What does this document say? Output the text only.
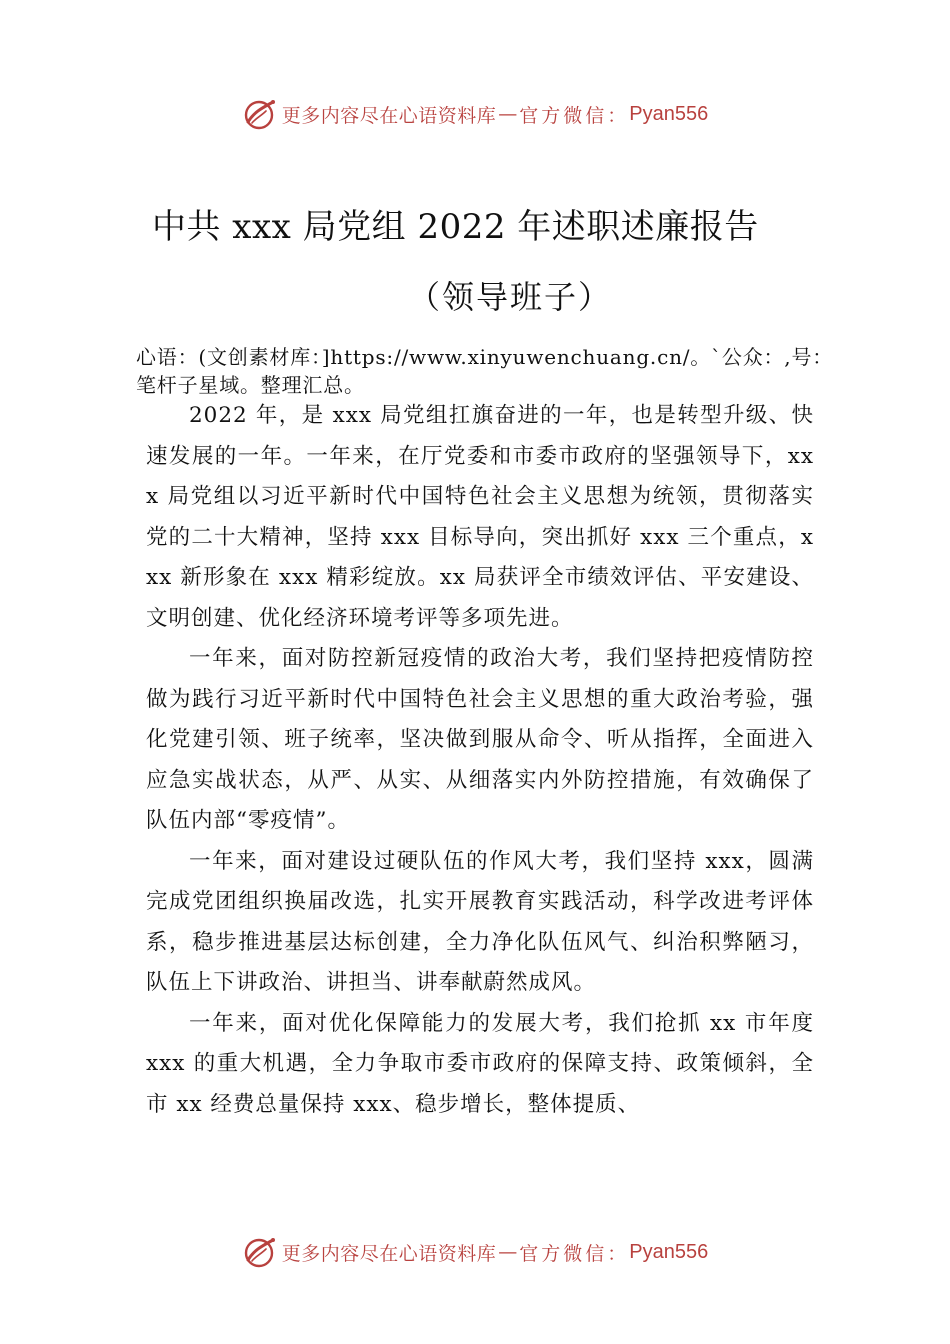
更多内容尽在心语资料库 — 官方微信： Pyan556
中共 xxx 局党组 2022 年述职述廉报告
（领导班子）
心语：(文创素材库：]https://www.xinyuwenchuang.cn/。`公众：,号：笔杆子星域。整理汇总。

2022 年，是 xxx 局党组扛旗奋进的一年，也是转型升级、快速发展的一年。一年来，在厅党委和市委市政府的坚强领导下，xxx 局党组以习近平新时代中国特色社会主义思想为统领，贯彻落实党的二十大精神，坚持 xxx 目标导向，突出抓好 xxx 三个重点，xxx 新形象在 xxx 精彩绽放。xx 局获评全市绩效评估、平安建设、文明创建、优化经济环境考评等多项先进。

一年来，面对防控新冠疫情的政治大考，我们坚持把疫情防控做为践行习近平新时代中国特色社会主义思想的重大政治考验，强化党建引领、班子统率，坚决做到服从命令、听从指挥，全面进入应急实战状态，从严、从实、从细落实内外防控措施，有效确保了队伍内部“零疫情”。

一年来，面对建设过硬队伍的作风大考，我们坚持 xxx，圆满完成党团组织换届改选，扎实开展教育实践活动，科学改进考评体系，稳步推进基层达标创建，全力净化队伍风气、纠治积弊陋习，队伍上下讲政治、讲担当、讲奉献蔚然成风。

一年来，面对优化保障能力的发展大考，我们抢抓 xx 市年度 xxx 的重大机遇，全力争取市委市政府的保障支持、政策倾斜，全市 xx 经费总量保持 xxx、稳步增长，整体提质、

更多内容尽在心语资料库 — 官方微信： Pyan556
